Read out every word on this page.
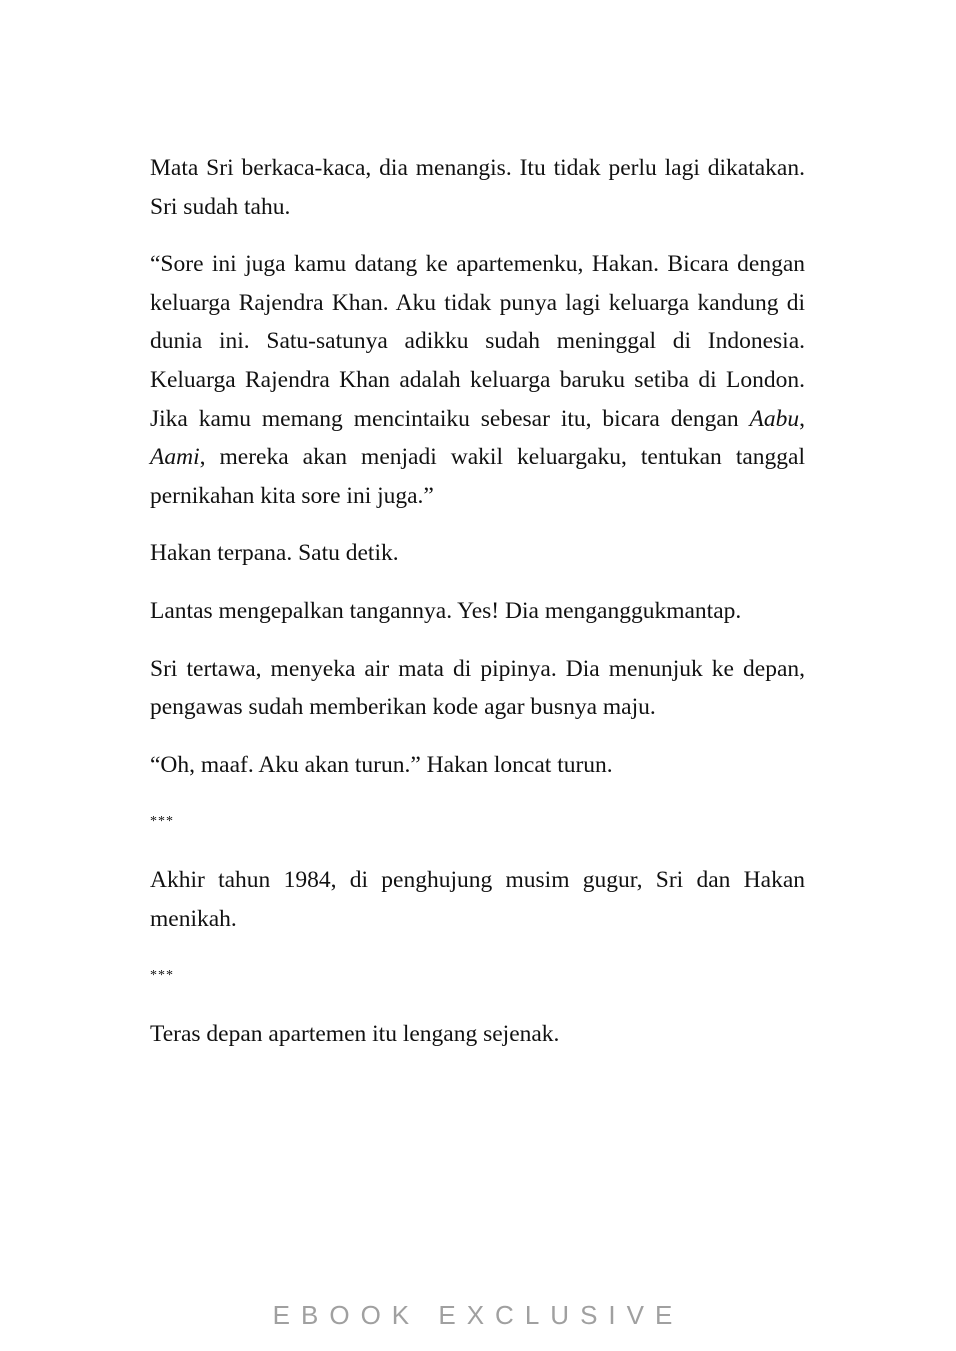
Mata Sri berkaca-kaca, dia menangis. Itu tidak perlu lagi dikatakan. Sri sudah tahu.

“Sore ini juga kamu datang ke apartemenku, Hakan. Bicara dengan keluarga Rajendra Khan. Aku tidak punya lagi keluarga kandung di dunia ini. Satu-satunya adikku sudah meninggal di Indonesia. Keluarga Rajendra Khan adalah keluarga baruku setiba di London. Jika kamu memang mencintaiku sebesar itu, bicara dengan Aabu, Aami, mereka akan menjadi wakil keluargaku, tentukan tanggal pernikahan kita sore ini juga.”

Hakan terpana. Satu detik.

Lantas mengepalkan tangannya. Yes! Dia menganggukmantap.

Sri tertawa, menyeka air mata di pipinya. Dia menunjuk ke depan, pengawas sudah memberikan kode agar busnya maju.

“Oh, maaf. Aku akan turun.” Hakan loncat turun.

***

Akhir tahun 1984, di penghujung musim gugur, Sri dan Hakan menikah.

***

Teras depan apartemen itu lengang sejenak.

EBOOK EXCLUSIVE
